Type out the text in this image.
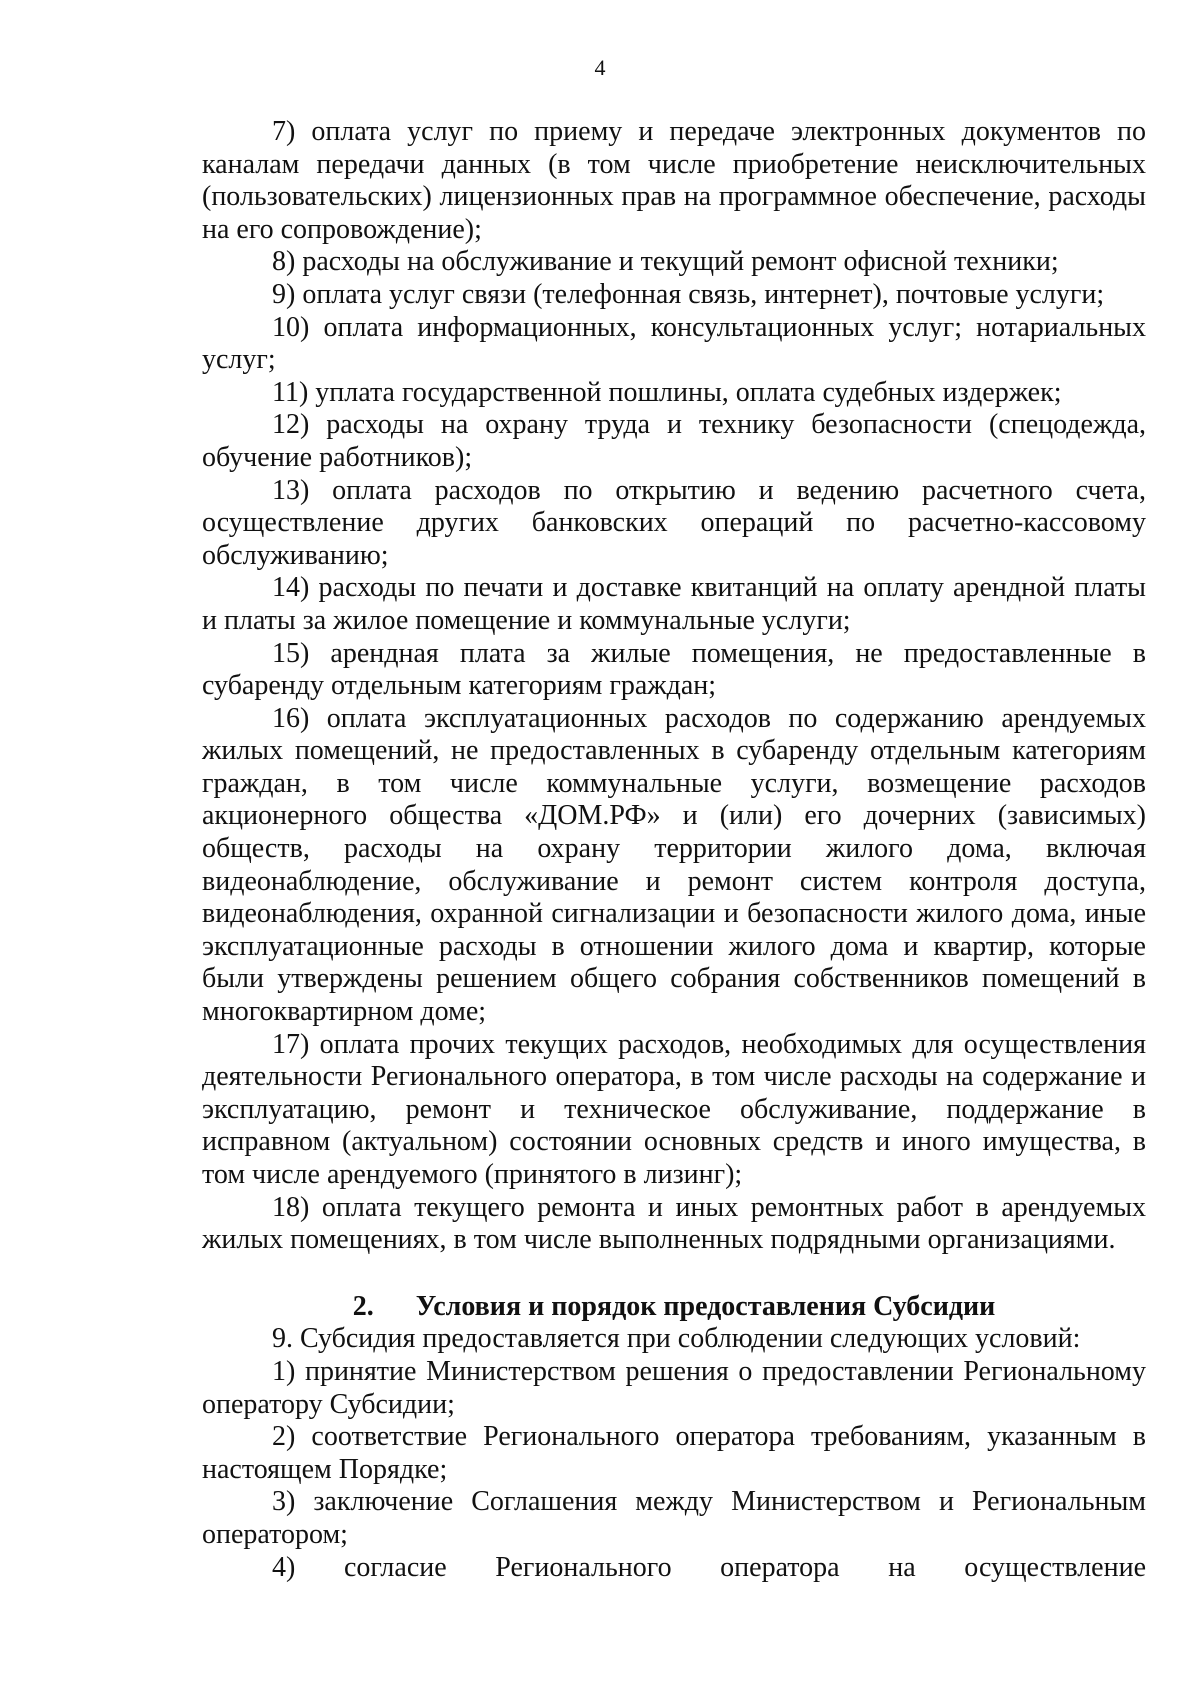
4

7) оплата услуг по приему и передаче электронных документов по каналам передачи данных (в том числе приобретение неисключительных (пользовательских) лицензионных прав на программное обеспечение, расходы на его сопровождение);

8) расходы на обслуживание и текущий ремонт офисной техники;

9) оплата услуг связи (телефонная связь, интернет), почтовые услуги;

10) оплата информационных, консультационных услуг; нотариальных услуг;

11) уплата государственной пошлины, оплата судебных издержек;

12) расходы на охрану труда и технику безопасности (спецодежда, обучение работников);

13) оплата расходов по открытию и ведению расчетного счета, осуществление других банковских операций по расчетно-кассовому обслуживанию;

14) расходы по печати и доставке квитанций на оплату арендной платы и платы за жилое помещение и коммунальные услуги;

15) арендная плата за жилые помещения, не предоставленные в субаренду отдельным категориям граждан;

16) оплата эксплуатационных расходов по содержанию арендуемых жилых помещений, не предоставленных в субаренду отдельным категориям граждан, в том числе коммунальные услуги, возмещение расходов акционерного общества «ДОМ.РФ» и (или) его дочерних (зависимых) обществ, расходы на охрану территории жилого дома, включая видеонаблюдение, обслуживание и ремонт систем контроля доступа, видеонаблюдения, охранной сигнализации и безопасности жилого дома, иные эксплуатационные расходы в отношении жилого дома и квартир, которые были утверждены решением общего собрания собственников помещений в многоквартирном доме;

17) оплата прочих текущих расходов, необходимых для осуществления деятельности Регионального оператора, в том числе расходы на содержание и эксплуатацию, ремонт и техническое обслуживание, поддержание в исправном (актуальном) состоянии основных средств и иного имущества, в том числе арендуемого (принятого в лизинг);

18) оплата текущего ремонта и иных ремонтных работ в арендуемых жилых помещениях, в том числе выполненных подрядными организациями.

2. Условия и порядок предоставления Субсидии

9. Субсидия предоставляется при соблюдении следующих условий:

1) принятие Министерством решения о предоставлении Региональному оператору Субсидии;

2) соответствие Регионального оператора требованиям, указанным в настоящем Порядке;

3) заключение Соглашения между Министерством и Региональным оператором;

4) согласие Регионального оператора на осуществление
